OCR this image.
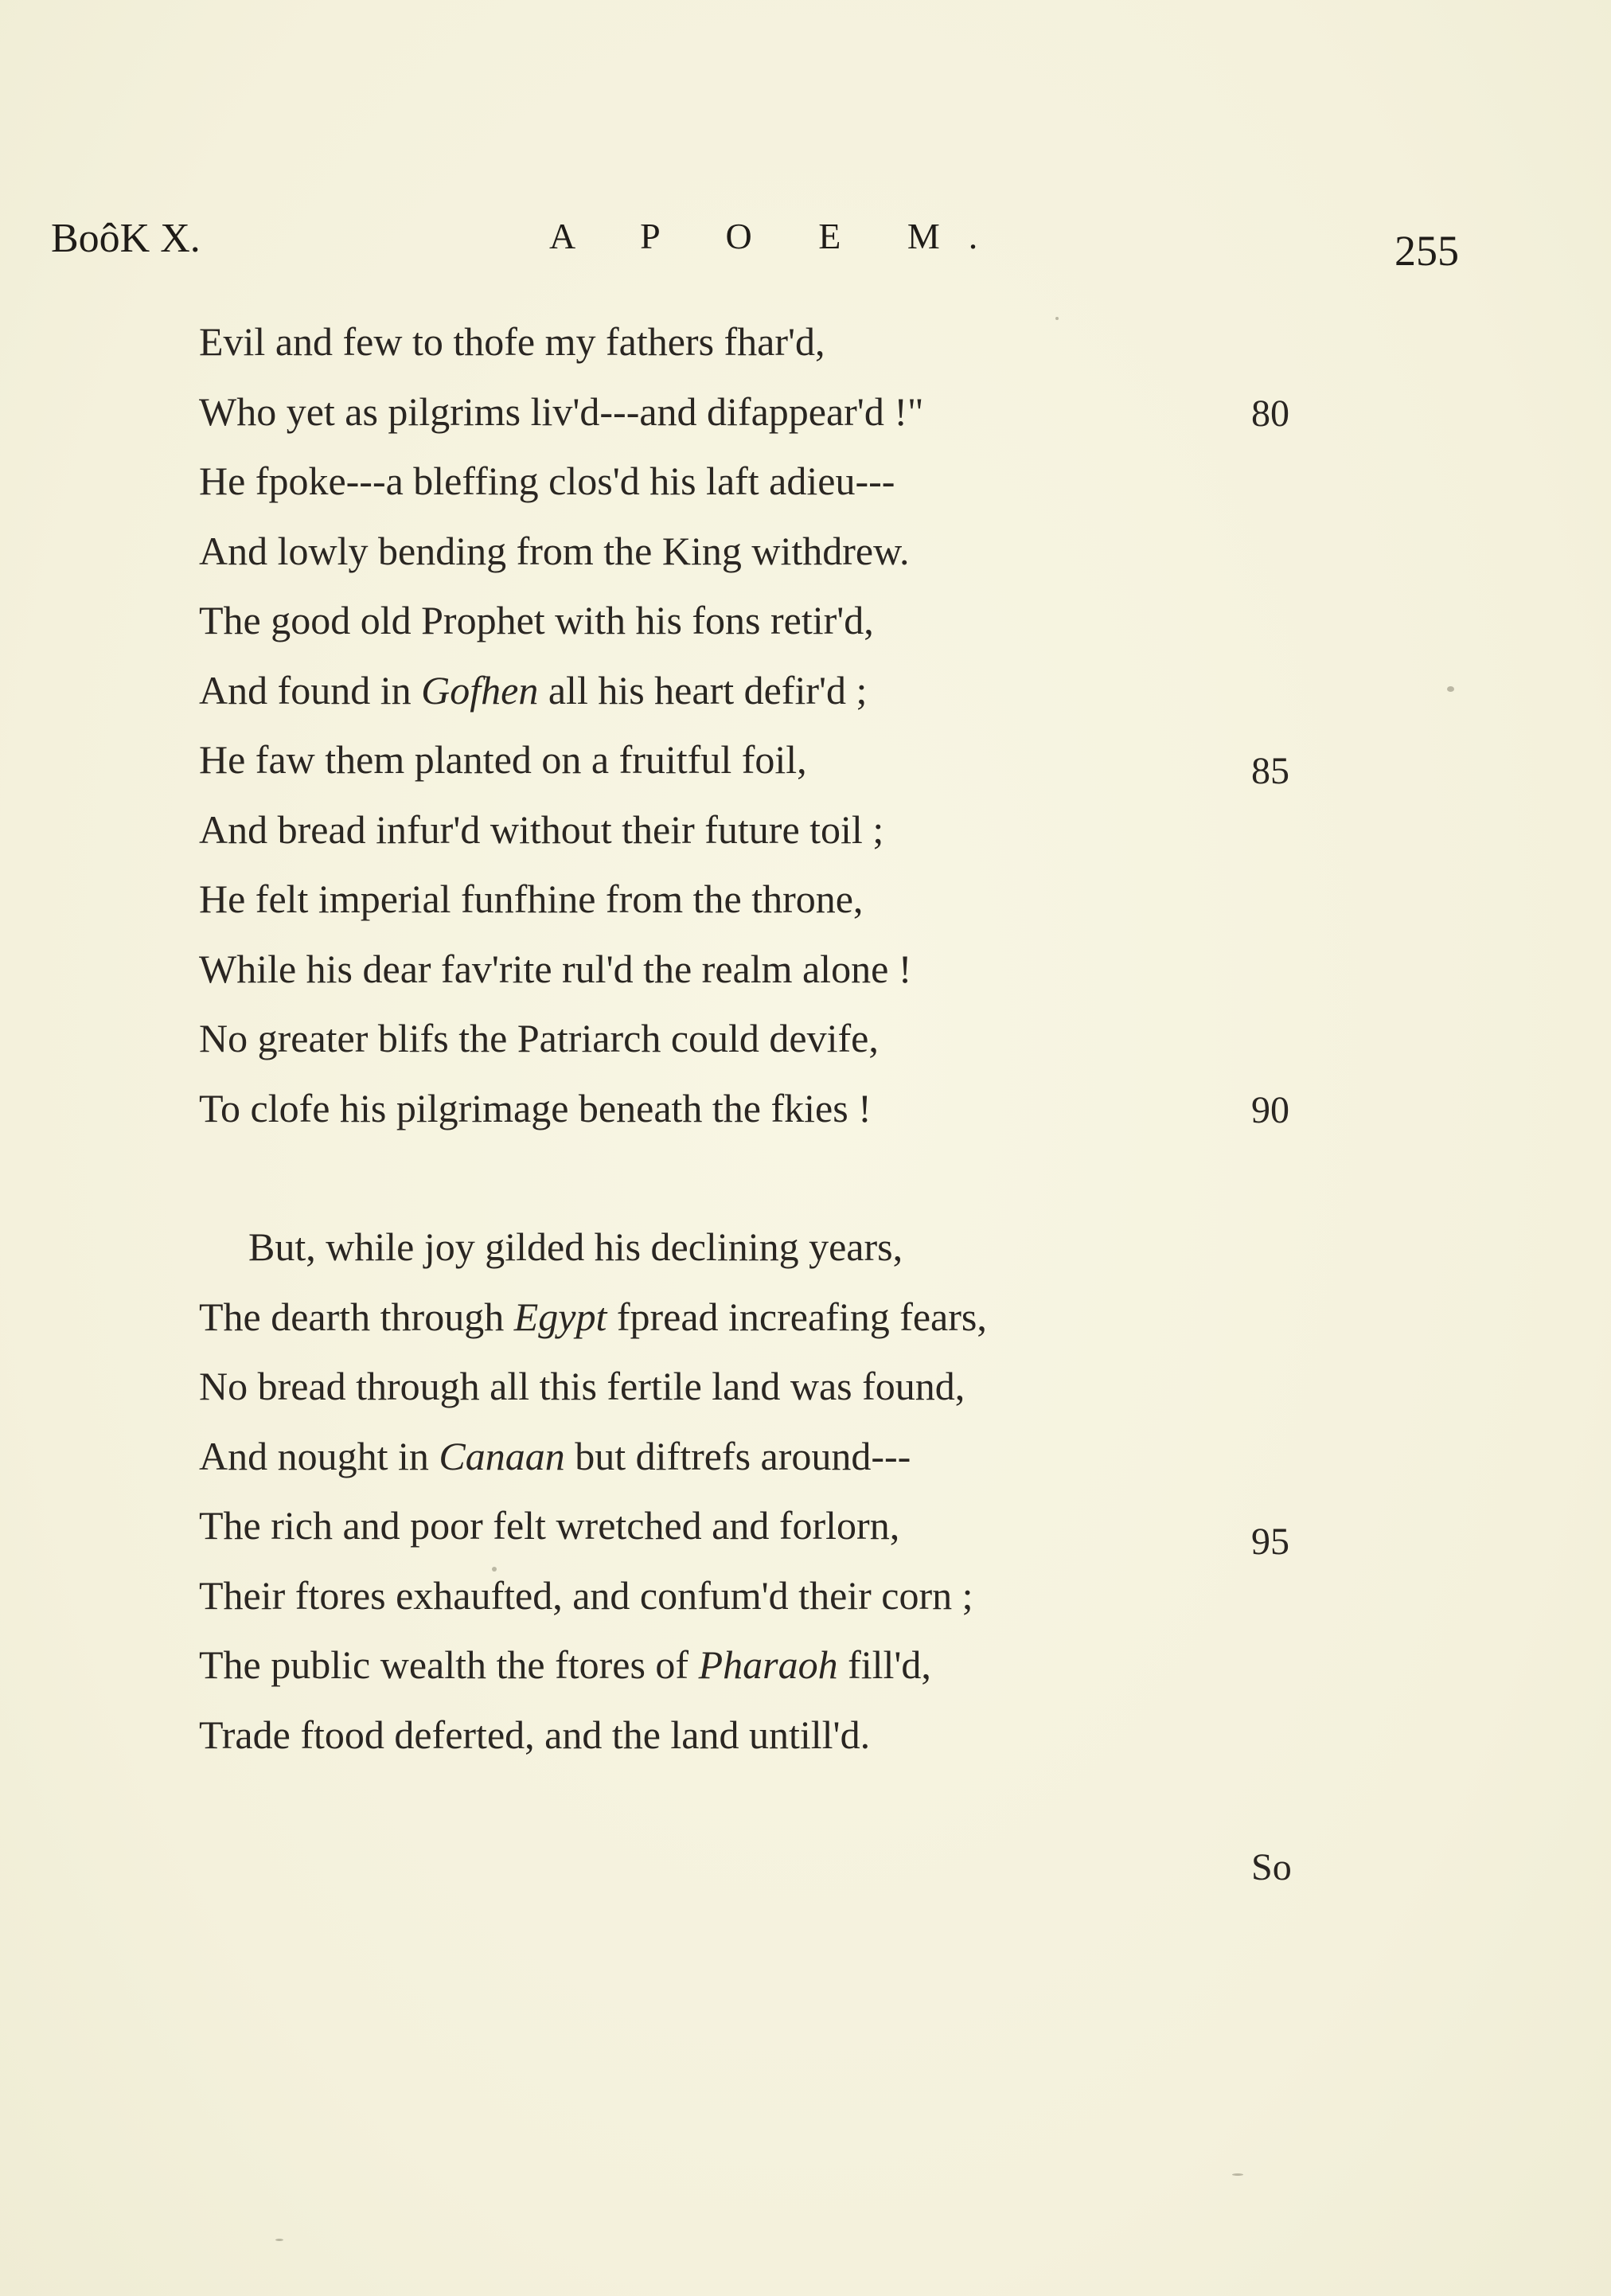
BoôK X.	A P O E M.	255
Evil and few to thofe my fathers fhar'd,
Who yet as pilgrims liv'd---and difappear'd !"	80
He fpoke---a bleffing clos'd his laft adieu---
And lowly bending from the King withdrew.
The good old Prophet with his fons retir'd,
And found in Gofhen all his heart defir'd ;
He faw them planted on a fruitful foil,	85
And bread infur'd without their future toil ;
He felt imperial funfhine from the throne,
While his dear fav'rite rul'd the realm alone !
No greater blifs the Patriarch could devife,
To clofe his pilgrimage beneath the fkies !	90
But, while joy gilded his declining years,
The dearth through Egypt fpread increafing fears,
No bread through all this fertile land was found,
And nought in Canaan but diftrefs around---
The rich and poor felt wretched and forlorn,	95
Their ftores exhaufted, and confum'd their corn ;
The public wealth the ftores of Pharaoh fill'd,
Trade ftood deferted, and the land untill'd.
So
